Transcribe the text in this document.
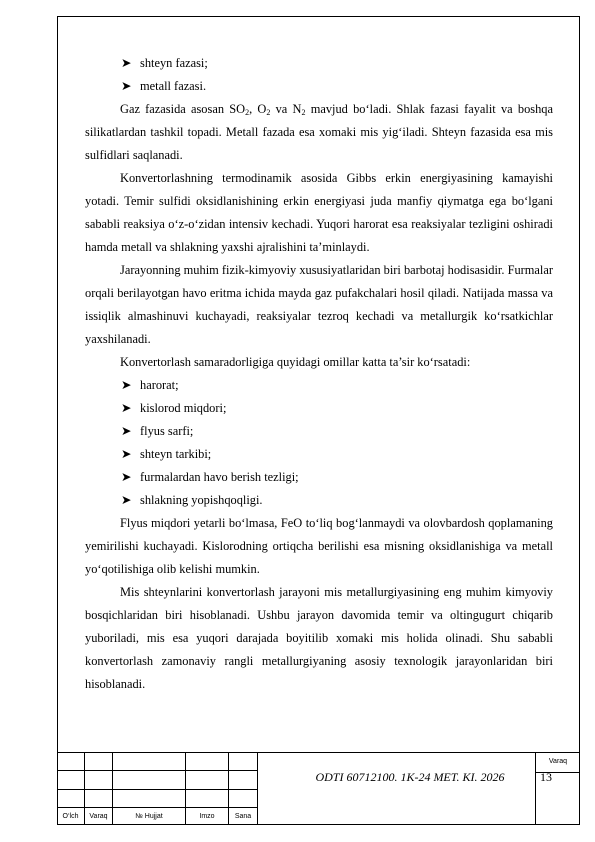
➤ shteyn fazasi;
➤ metall fazasi.
Gaz fazasida asosan $SO_2$, $O_2$ va $N_2$ mavjud bo‘ladi. Shlak fazasi fayalit va boshqa silikatlardan tashkil topadi. Metall fazada esa xomaki mis yig‘iladi. Shteyn fazasida esa mis sulfidlari saqlanadi.
Konvertorlashning termodinamik asosida Gibbs erkin energiyasining kamayishi yotadi. Temir sulfidi oksidlanishining erkin energiyasi juda manfiy qiymatga ega bo‘lgani sababli reaksiya o‘z-o‘zidan intensiv kechadi. Yuqori harorat esa reaksiyalar tezligini oshiradi hamda metall va shlakning yaxshi ajralishini ta’minlaydi.
Jarayonning muhim fizik-kimyoviy xususiyatlaridan biri barbotaj hodisasidir. Furmalar orqali berilayotgan havo eritma ichida mayda gaz pufakchalari hosil qiladi. Natijada massa va issiqlik almashinuvi kuchayadi, reaksiyalar tezroq kechadi va metallurgik ko‘rsatkichlar yaxshilanadi.
Konvertorlash samaradorligiga quyidagi omillar katta ta’sir ko‘rsatadi:
➤ harorat;
➤ kislorod miqdori;
➤ flyus sarfi;
➤ shteyn tarkibi;
➤ furmalardan havo berish tezligi;
➤ shlakning yopishqoqligi.
Flyus miqdori yetarli bo‘lmasa, FeO to‘liq bog‘lanmaydi va olovbardosh qoplamaning yemirilishi kuchayadi. Kislorodning ortiqcha berilishi esa misning oksidlanishiga va metall yo‘qotilishiga olib kelishi mumkin.
Mis shteynlarini konvertorlash jarayoni mis metallurgiyasining eng muhim kimyoviy bosqichlaridan biri hisoblanadi. Ushbu jarayon davomida temir va oltingugurt chiqarib yuboriladi, mis esa yuqori darajada boyitilib xomaki mis holida olinadi. Shu sababli konvertorlash zamonaviy rangli metallurgiyaning asosiy texnologik jarayonlaridan biri hisoblanadi.
O‘lch	Varaq	№ Hujjat	Imzo	Sana
ODTI 60712100. 1K-24 MET. KI. 2026
Varaq
13
